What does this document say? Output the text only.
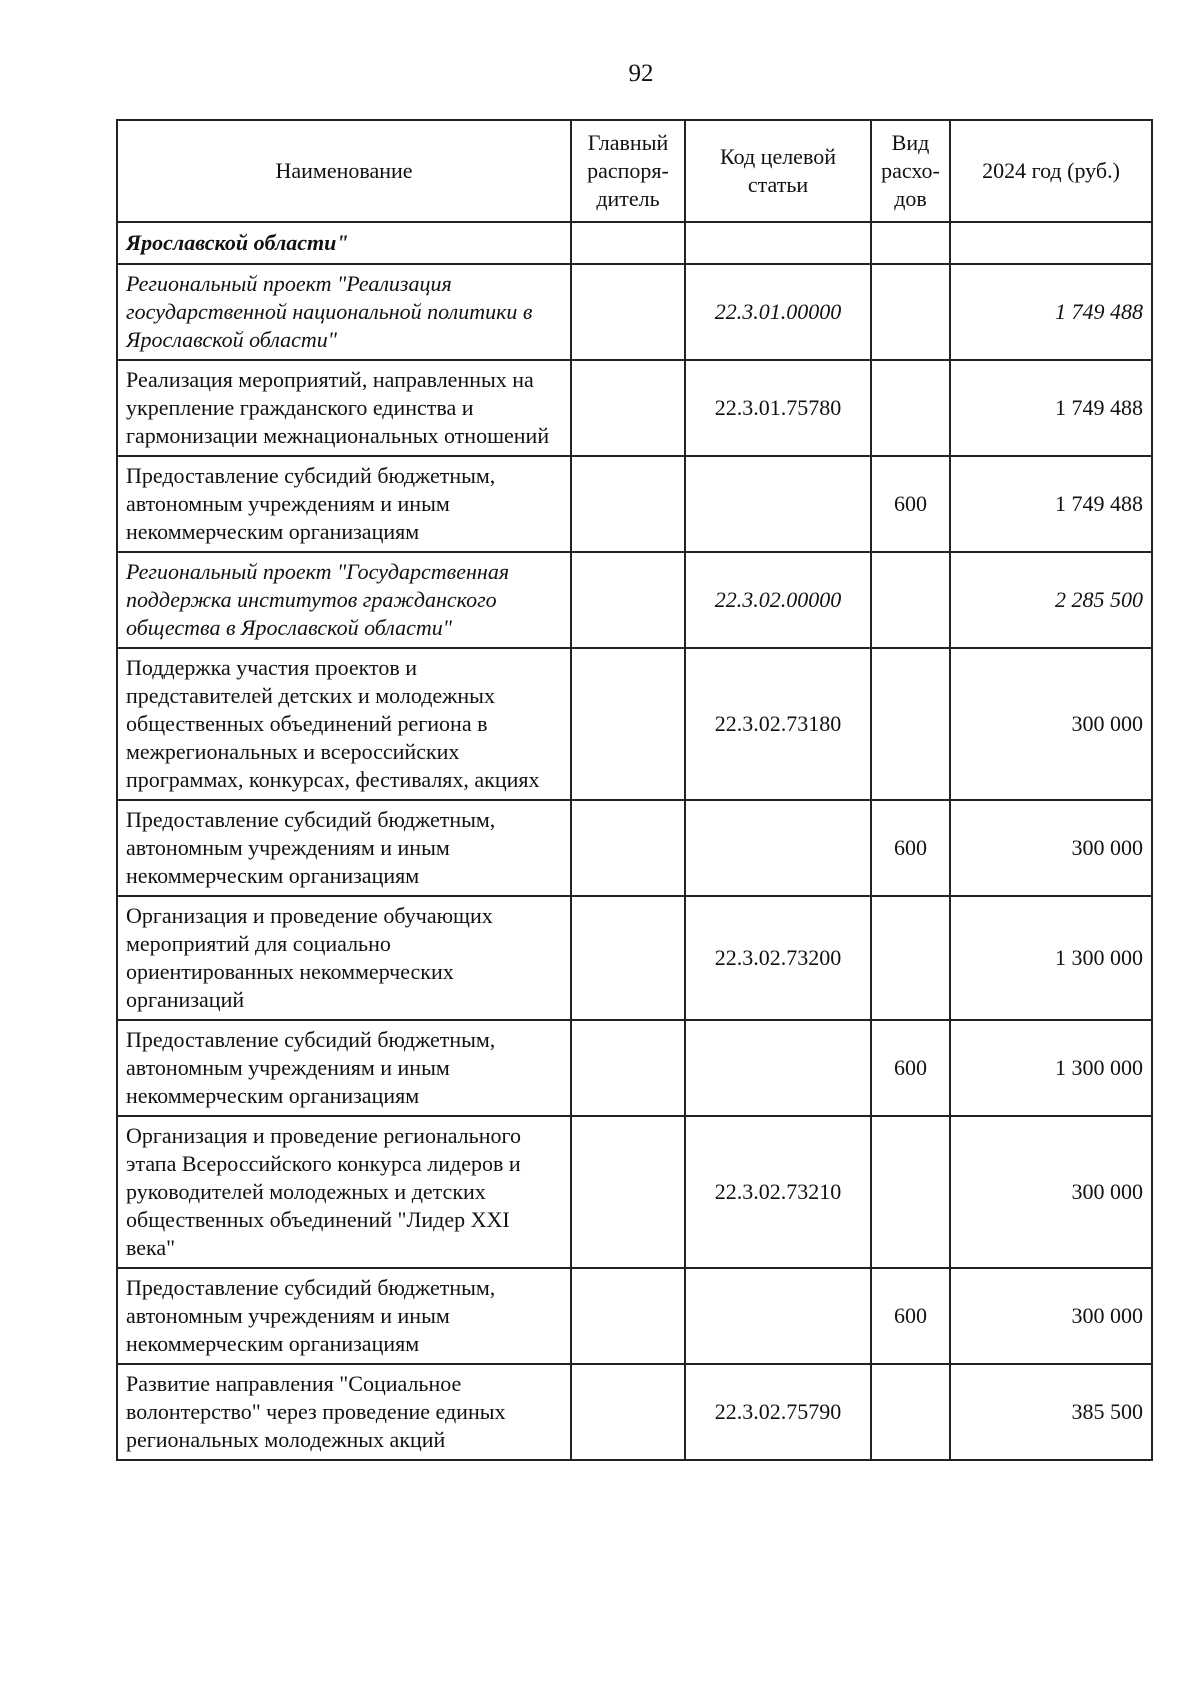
92
Наименование	Главный распоря-дитель	Код целевой статьи	Вид расхо-дов	2024 год (руб.)
Ярославской области"				
Региональный проект "Реализация государственной национальной политики в Ярославской области"		22.3.01.00000		1 749 488
Реализация мероприятий, направленных на укрепление гражданского единства и гармонизации межнациональных отношений		22.3.01.75780		1 749 488
Предоставление субсидий бюджетным, автономным учреждениям и иным некоммерческим организациям			600	1 749 488
Региональный проект "Государственная поддержка институтов гражданского общества в Ярославской области"		22.3.02.00000		2 285 500
Поддержка участия проектов и представителей детских и молодежных общественных объединений региона в межрегиональных и всероссийских программах, конкурсах, фестивалях, акциях		22.3.02.73180		300 000
Предоставление субсидий бюджетным, автономным учреждениям и иным некоммерческим организациям			600	300 000
Организация и проведение обучающих мероприятий для социально ориентированных некоммерческих организаций		22.3.02.73200		1 300 000
Предоставление субсидий бюджетным, автономным учреждениям и иным некоммерческим организациям			600	1 300 000
Организация и проведение регионального этапа Всероссийского конкурса лидеров и руководителей молодежных и детских общественных объединений "Лидер XXI века"		22.3.02.73210		300 000
Предоставление субсидий бюджетным, автономным учреждениям и иным некоммерческим организациям			600	300 000
Развитие направления "Социальное волонтерство" через проведение единых региональных молодежных акций		22.3.02.75790		385 500
